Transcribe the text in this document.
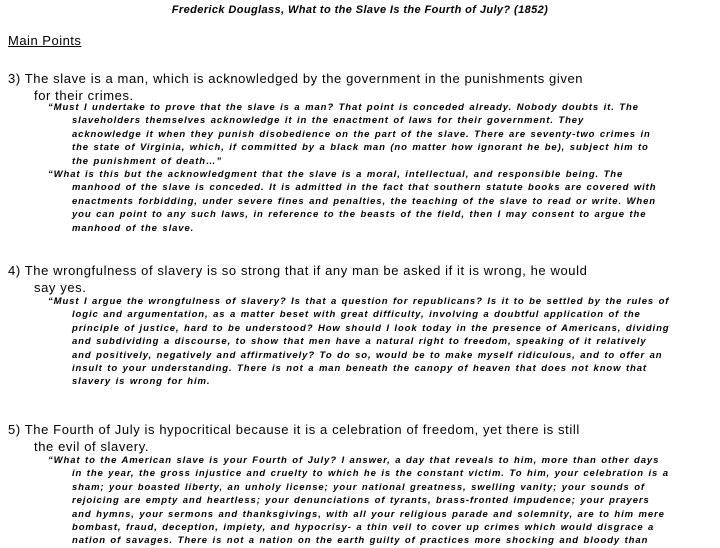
Frederick Douglass, What to the Slave Is the Fourth of July? (1852)
Main Points
3) The slave is a man, which is acknowledged by the government in the punishments given
for their crimes.
“Must I undertake to prove that the slave is a man? That point is conceded already. Nobody doubts it. The
slaveholders themselves acknowledge it in the enactment of laws for their government. They
acknowledge it when they punish disobedience on the part of the slave. There are seventy-two crimes in
the state of Virginia, which, if committed by a black man (no matter how ignorant he be), subject him to
the punishment of death…”
“What is this but the acknowledgment that the slave is a moral, intellectual, and responsible being. The
manhood of the slave is conceded. It is admitted in the fact that southern statute books are covered with
enactments forbidding, under severe fines and penalties, the teaching of the slave to read or write. When
you can point to any such laws, in reference to the beasts of the field, then I may consent to argue the
manhood of the slave.
4) The wrongfulness of slavery is so strong that if any man be asked if it is wrong, he would
say yes.
“Must I argue the wrongfulness of slavery? Is that a question for republicans? Is it to be settled by the rules of
logic and argumentation, as a matter beset with great difficulty, involving a doubtful application of the
principle of justice, hard to be understood? How should I look today in the presence of Americans, dividing
and subdividing a discourse, to show that men have a natural right to freedom, speaking of it relatively
and positively, negatively and affirmatively? To do so, would be to make myself ridiculous, and to offer an
insult to your understanding. There is not a man beneath the canopy of heaven that does not know that
slavery is wrong for him.
5) The Fourth of July is hypocritical because it is a celebration of freedom, yet there is still
the evil of slavery.
“What to the American slave is your Fourth of July? I answer, a day that reveals to him, more than other days
in the year, the gross injustice and cruelty to which he is the constant victim. To him, your celebration is a
sham; your boasted liberty, an unholy license; your national greatness, swelling vanity; your sounds of
rejoicing are empty and heartless; your denunciations of tyrants, brass-fronted impudence; your prayers
and hymns, your sermons and thanksgivings, with all your religious parade and solemnity, are to him mere
bombast, fraud, deception, impiety, and hypocrisy- a thin veil to cover up crimes which would disgrace a
nation of savages. There is not a nation on the earth guilty of practices more shocking and bloody than
